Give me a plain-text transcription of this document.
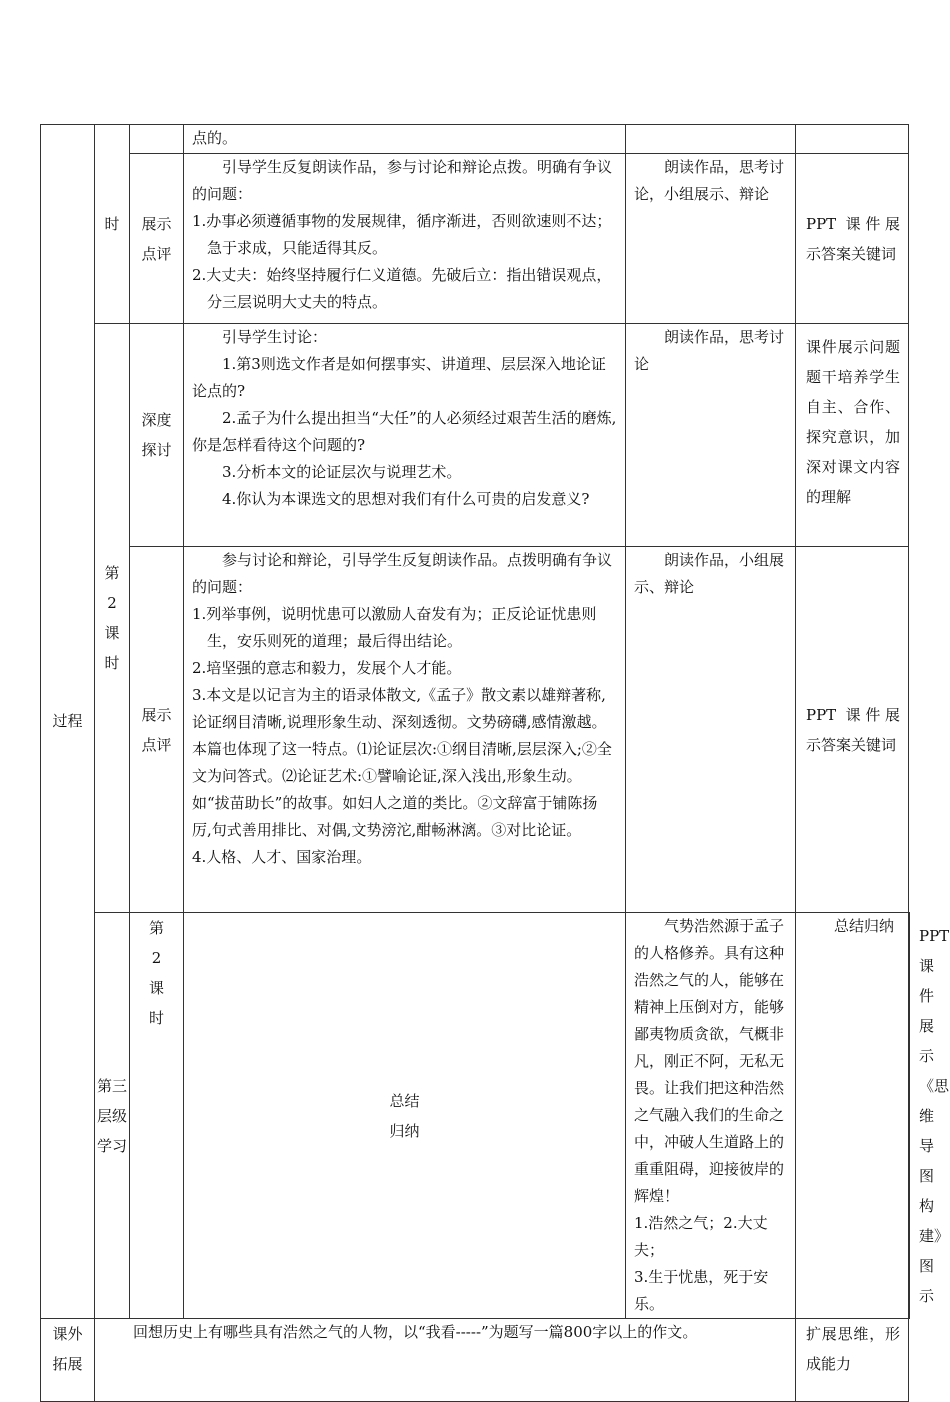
过程	时		点的。			

		展示点评	引导学生反复朗读作品，参与讨论和辩论点拨。明确有争议的问题：

1.办事必须遵循事物的发展规律，循序渐进，否则欲速则不达；急于求成，只能适得其反。

2.大丈夫：始终坚持履行仁义道德。先破后立：指出错误观点，分三层说明大丈夫的特点。	朗读作品，思考讨论，小组展示、辩论	PPT 课件展示答案关键词	

	第2课时	深度探讨	引导学生讨论：

1.第3则选文作者是如何摆事实、讲道理、层层深入地论证论点的?

2.孟子为什么提出担当“大任”的人必须经过艰苦生活的磨炼,你是怎样看待这个问题的?

3.分析本文的论证层次与说理艺术。

4.你认为本课选文的思想对我们有什么可贵的启发意义?	朗读作品，思考讨论	课件展示问题题干培养学生自主、合作、探究意识，加深对课文内容的理解	

		展示点评	参与讨论和辩论，引导学生反复朗读作品。点拨明确有争议的问题：

1.列举事例，说明忧患可以激励人奋发有为；正反论证忧患则生，安乐则死的道理；最后得出结论。

2.培坚强的意志和毅力，发展个人才能。

3.本文是以记言为主的语录体散文,《孟子》散文素以雄辩著称,论证纲目清晰,说理形象生动、深刻透彻。文势磅礴,感情激越。本篇也体现了这一特点。⑴论证层次:①纲目清晰,层层深入;②全文为问答式。⑵论证艺术:①譬喻论证,深入浅出,形象生动。如“拔苗助长”的故事。如妇人之道的类比。②文辞富于铺陈扬厉,句式善用排比、对偶,文势滂沱,酣畅淋漓。③对比论证。

4.人格、人才、国家治理。	朗读作品，小组展示、辩论	PPT 课件展示答案关键词	

	第三层级学习	第2课时	总结归纳	气势浩然源于孟子的人格修养。具有这种浩然之气的人，能够在精神上压倒对方，能够鄙夷物质贪欲，气概非凡，刚正不阿，无私无畏。让我们把这种浩然之气融入我们的生命之中，冲破人生道路上的重重阻碍，迎接彼岸的辉煌！

1.浩然之气；2.大丈夫；

3.生于忧患，死于安乐。	总结归纳	PPT 课件展示《思维导图构建》图示

课外拓展	回想历史上有哪些具有浩然之气的人物，以“我看-----”为题写一篇800字以上的作文。				扩展思维，形成能力	
